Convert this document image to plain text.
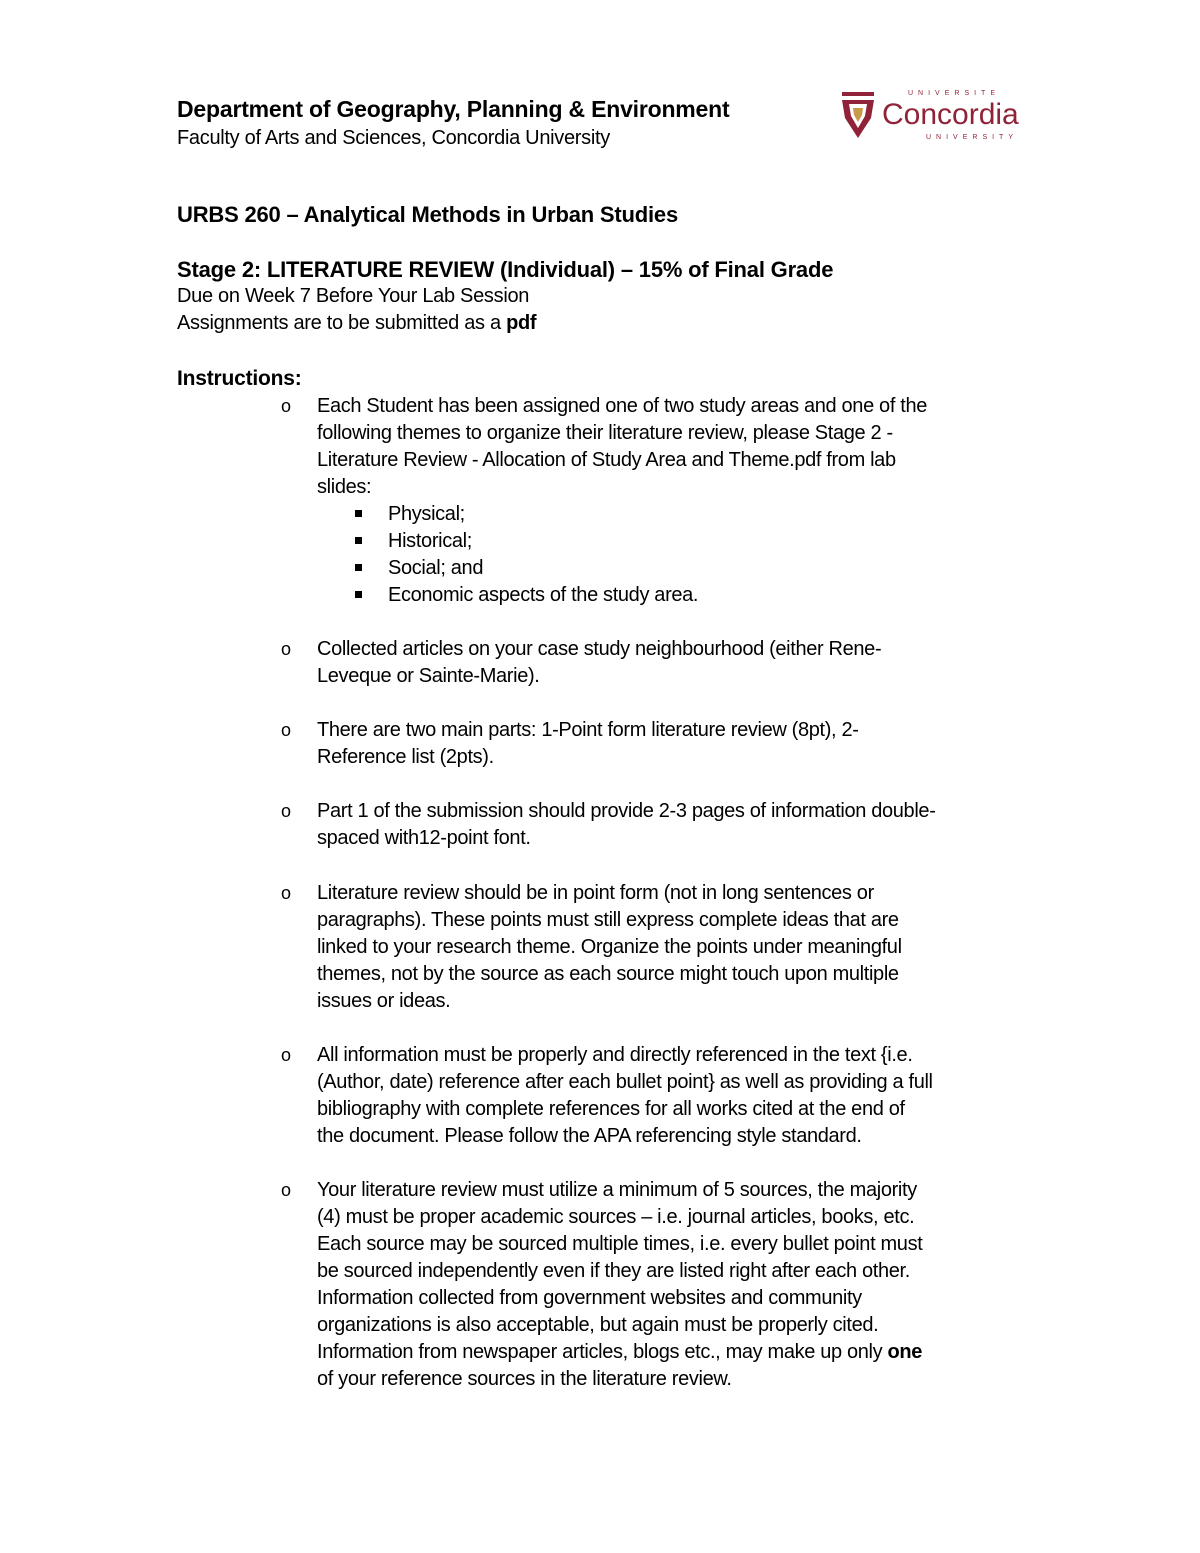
Department of Geography, Planning & Environment
Faculty of Arts and Sciences, Concordia University
UNIVERSITE
Concordia
UNIVERSITY
URBS 260 – Analytical Methods in Urban Studies
Stage 2: LITERATURE REVIEW (Individual) – 15% of Final Grade
Due on Week 7 Before Your Lab Session
Assignments are to be submitted as a pdf
Instructions:
o Each Student has been assigned one of two study areas and one of the
following themes to organize their literature review, please Stage 2 -
Literature Review - Allocation of Study Area and Theme.pdf from lab
slides:
Physical;
Historical;
Social; and
Economic aspects of the study area.
o Collected articles on your case study neighbourhood (either Rene-
Leveque or Sainte-Marie).
o There are two main parts: 1-Point form literature review (8pt), 2-
Reference list (2pts).
o Part 1 of the submission should provide 2-3 pages of information double-
spaced with12-point font.
o Literature review should be in point form (not in long sentences or
paragraphs). These points must still express complete ideas that are
linked to your research theme. Organize the points under meaningful
themes, not by the source as each source might touch upon multiple
issues or ideas.
o All information must be properly and directly referenced in the text {i.e.
(Author, date) reference after each bullet point} as well as providing a full
bibliography with complete references for all works cited at the end of
the document. Please follow the APA referencing style standard.
o Your literature review must utilize a minimum of 5 sources, the majority
(4) must be proper academic sources – i.e. journal articles, books, etc.
Each source may be sourced multiple times, i.e. every bullet point must
be sourced independently even if they are listed right after each other.
Information collected from government websites and community
organizations is also acceptable, but again must be properly cited.
Information from newspaper articles, blogs etc., may make up only one
of your reference sources in the literature review.
